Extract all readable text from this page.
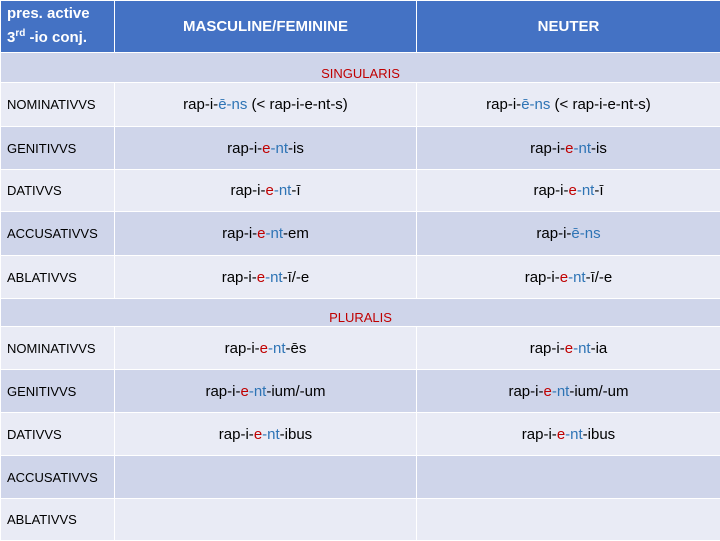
pres. active
3rd -io conj.	MASCULINE/FEMININE	NEUTER
SINGULARIS		
NOMINATIVVS	rap-i-ē-ns (< rap-i-e-nt-s)	rap-i-ē-ns (< rap-i-e-nt-s)
GENITIVVS	rap-i-e-nt-is	rap-i-e-nt-is
DATIVVS	rap-i-e-nt-ī	rap-i-e-nt-ī
ACCUSATIVVS	rap-i-e-nt-em	rap-i-ē-ns
ABLATIVVS	rap-i-e-nt-ī/-e	rap-i-e-nt-ī/-e
PLURALIS		
NOMINATIVVS	rap-i-e-nt-ēs	rap-i-e-nt-ia
GENITIVVS	rap-i-e-nt-ium/-um	rap-i-e-nt-ium/-um
DATIVVS	rap-i-e-nt-ibus	rap-i-e-nt-ibus
ACCUSATIVVS		
ABLATIVVS		
